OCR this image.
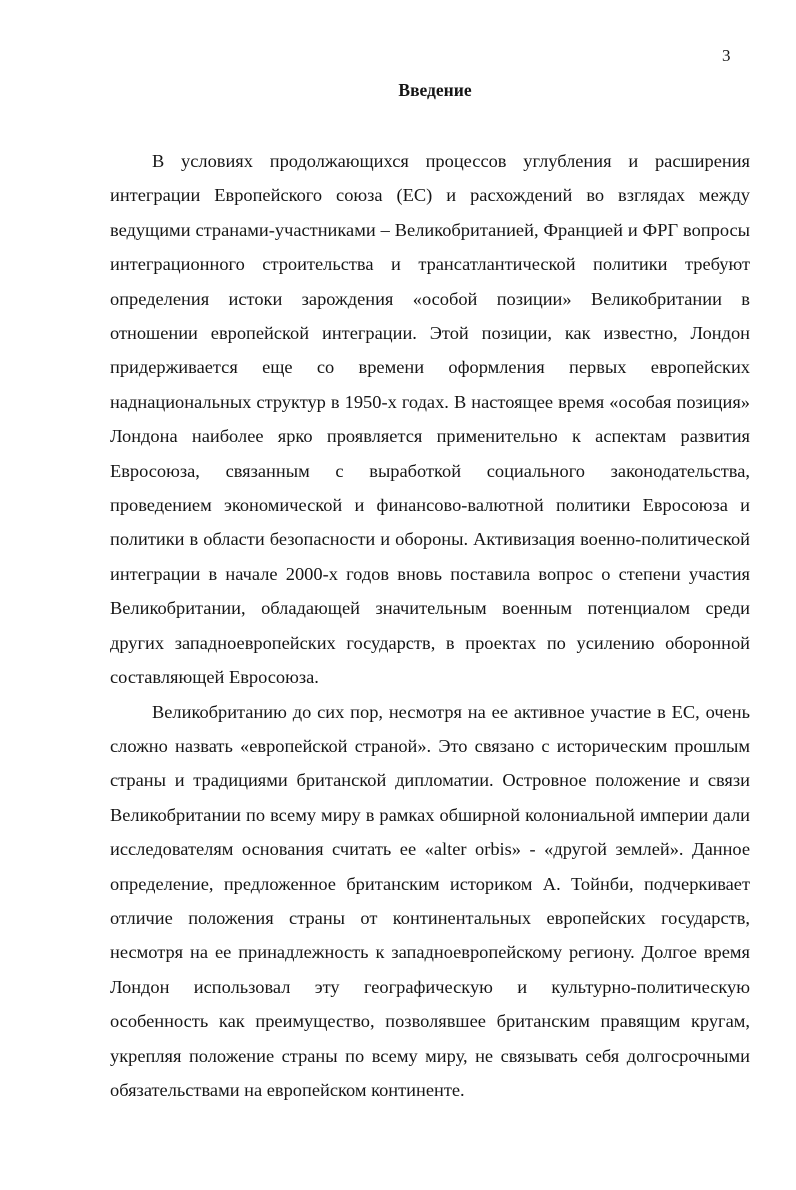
3
Введение

В условиях продолжающихся процессов углубления и расширения интеграции Европейского союза (ЕС) и расхождений во взглядах между ведущими странами-участниками – Великобританией, Францией и ФРГ вопросы интеграционного строительства и трансатлантической политики требуют определения истоки зарождения «особой позиции» Великобритании в отношении европейской интеграции. Этой позиции, как известно, Лондон придерживается еще со времени оформления первых европейских наднациональных структур в 1950-х годах. В настоящее время «особая позиция» Лондона наиболее ярко проявляется применительно к аспектам развития Евросоюза, связанным с выработкой социального законодательства, проведением экономической и финансово-валютной политики Евросоюза и политики в области безопасности и обороны. Активизация военно-политической интеграции в начале 2000-х годов вновь поставила вопрос о степени участия Великобритании, обладающей значительным военным потенциалом среди других западноевропейских государств, в проектах по усилению оборонной составляющей Евросоюза.

Великобританию до сих пор, несмотря на ее активное участие в ЕС, очень сложно назвать «европейской страной». Это связано с историческим прошлым страны и традициями британской дипломатии. Островное положение и связи Великобритании по всему миру в рамках обширной колониальной империи дали исследователям основания считать ее «alter orbis» - «другой землей». Данное определение, предложенное британским историком А. Тойнби, подчеркивает отличие положения страны от континентальных европейских государств, несмотря на ее принадлежность к западноевропейскому региону. Долгое время Лондон использовал эту географическую и культурно-политическую особенность как преимущество, позволявшее британским правящим кругам, укрепляя положение страны по всему миру, не связывать себя долгосрочными обязательствами на европейском континенте.
